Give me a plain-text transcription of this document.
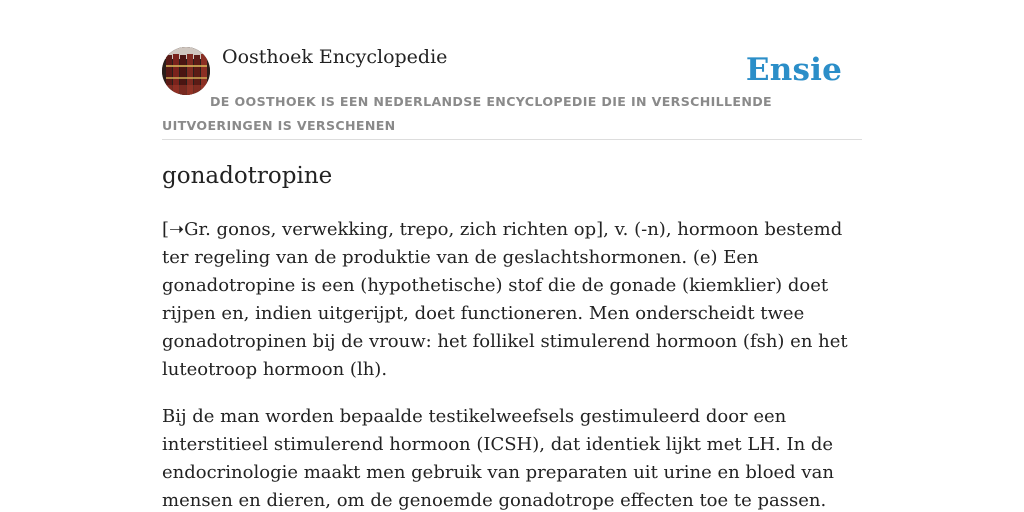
Oosthoek Encyclopedie	Ensie
DE OOSTHOEK IS EEN NEDERLANDSE ENCYCLOPEDIE DIE IN VERSCHILLENDE UITVOERINGEN IS VERSCHENEN
gonadotropine

[➝Gr. gonos, verwekking, trepo, zich richten op], v. (-n), hormoon bestemd ter regeling van de produktie van de geslachtshormonen. (e) Een gonadotropine is een (hypothetische) stof die de gonade (kiemklier) doet rijpen en, indien uitgerijpt, doet functioneren. Men onderscheidt twee gonadotropinen bij de vrouw: het follikel stimulerend hormoon (fsh) en het luteotroop hormoon (lh).

Bij de man worden bepaalde testikelweefsels gestimuleerd door een interstitieel stimulerend hormoon (ICSH), dat identiek lijkt met LH. In de endocrinologie maakt men gebruik van preparaten uit urine en bloed van mensen en dieren, om de genoemde gonadotrope effecten toe te passen.
